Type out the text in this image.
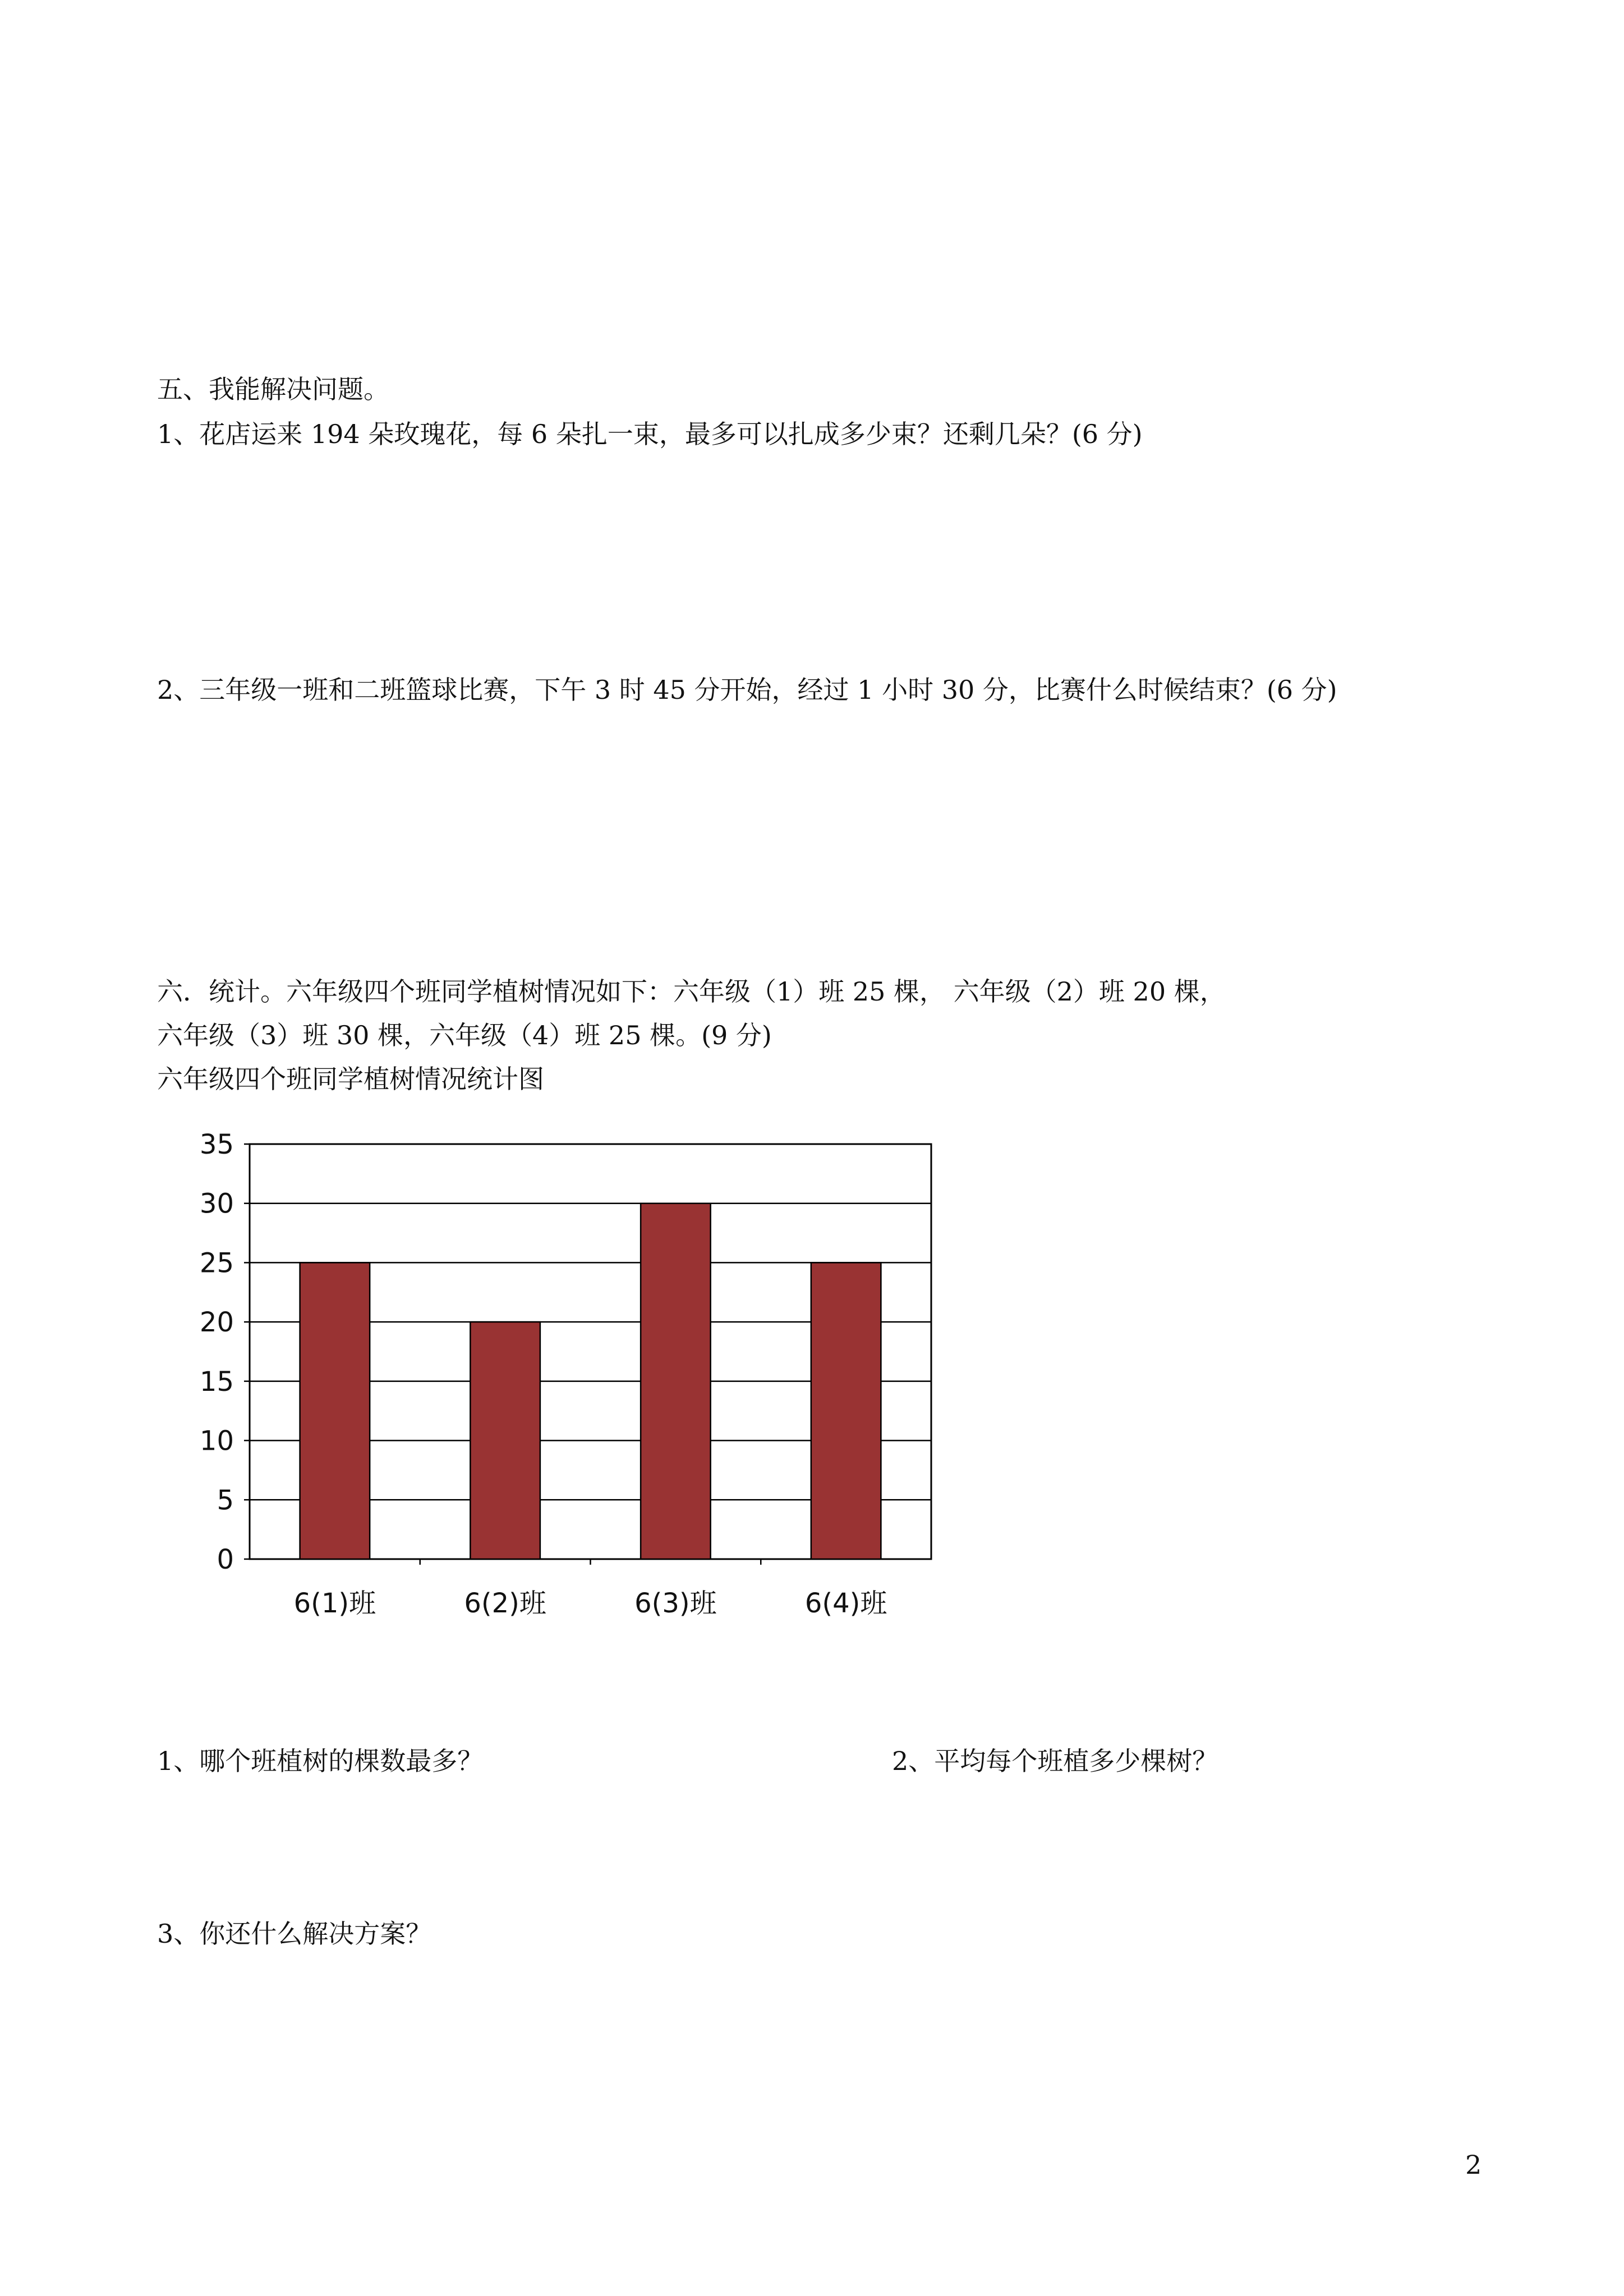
五、我能解决问题。
1、花店运来 194 朵玫瑰花，每 6 朵扎一束，最多可以扎成多少束？还剩几朵？(6 分)
2、三年级一班和二班篮球比赛，下午 3 时 45 分开始，经过 1 小时 30 分，比赛什么时候结束？(6 分)
六．统计。六年级四个班同学植树情况如下：六年级（1）班 25 棵， 六年级（2）班 20 棵，
六年级（3）班 30 棵，六年级（4）班 25 棵。(9 分)
六年级四个班同学植树情况统计图
0
5
10
15
20
25
30
35
6(1)班	6(2)班	6(3)班	6(4)班
1、哪个班植树的棵数最多？	2、平均每个班植多少棵树？
3、你还什么解决方案？
2
